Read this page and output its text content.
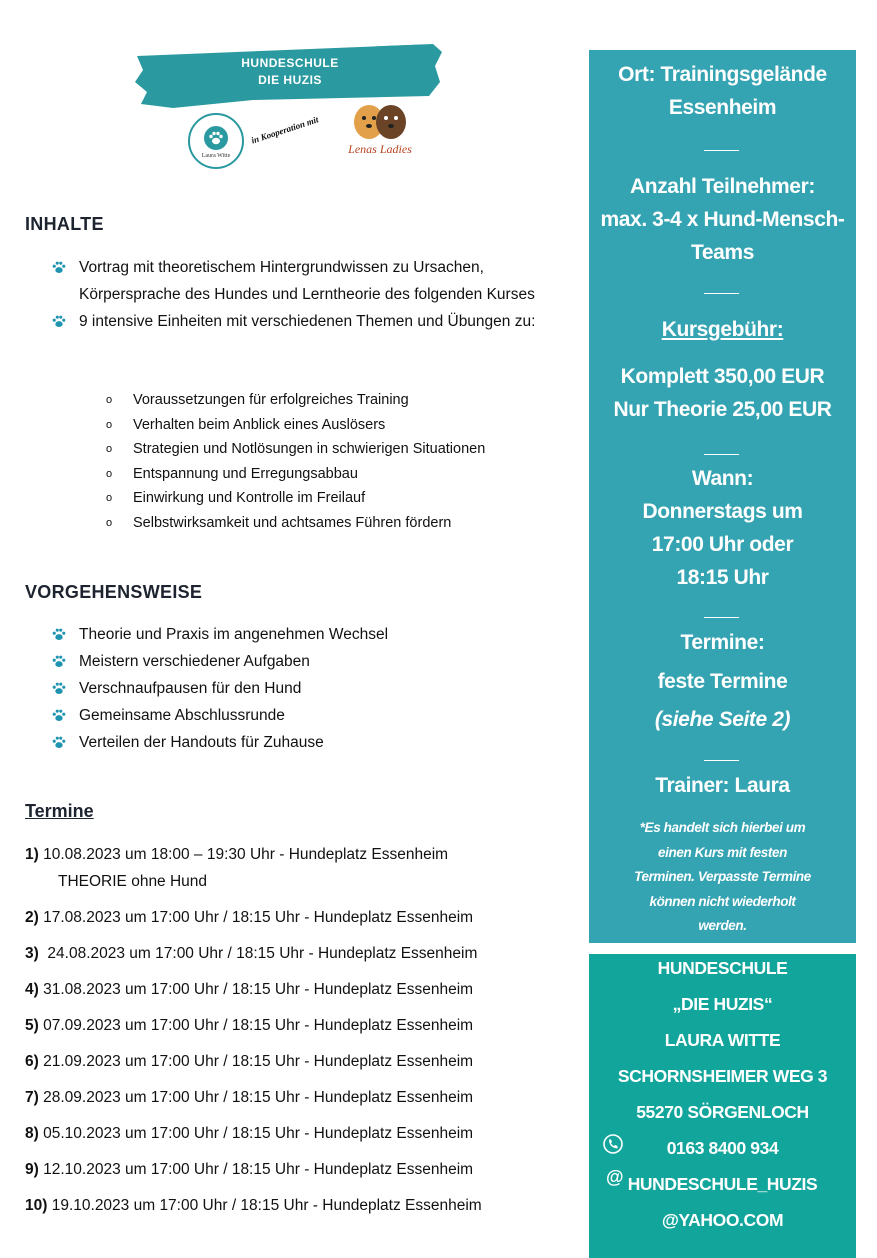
HUNDESCHULE
DIE HUZIS
Laura Witte
in Kooperation mit
Lenas Ladies
INHALTE
Vortrag mit theoretischem Hintergrundwissen zu Ursachen, Körpersprache des Hundes und Lerntheorie des folgenden Kurses
9 intensive Einheiten mit verschiedenen Themen und Übungen zu:
o Voraussetzungen für erfolgreiches Training
o Verhalten beim Anblick eines Auslösers
o Strategien und Notlösungen in schwierigen Situationen
o Entspannung und Erregungsabbau
o Einwirkung und Kontrolle im Freilauf
o Selbstwirksamkeit und achtsames Führen fördern
VORGEHENSWEISE
Theorie und Praxis im angenehmen Wechsel
Meistern verschiedener Aufgaben
Verschnaufpausen für den Hund
Gemeinsame Abschlussrunde
Verteilen der Handouts für Zuhause
Termine
1) 10.08.2023 um 18:00 – 19:30 Uhr - Hundeplatz Essenheim
THEORIE ohne Hund
2) 17.08.2023 um 17:00 Uhr / 18:15 Uhr - Hundeplatz Essenheim
3) 24.08.2023 um 17:00 Uhr / 18:15 Uhr - Hundeplatz Essenheim
4) 31.08.2023 um 17:00 Uhr / 18:15 Uhr - Hundeplatz Essenheim
5) 07.09.2023 um 17:00 Uhr / 18:15 Uhr - Hundeplatz Essenheim
6) 21.09.2023 um 17:00 Uhr / 18:15 Uhr - Hundeplatz Essenheim
7) 28.09.2023 um 17:00 Uhr / 18:15 Uhr - Hundeplatz Essenheim
8) 05.10.2023 um 17:00 Uhr / 18:15 Uhr - Hundeplatz Essenheim
9) 12.10.2023 um 17:00 Uhr / 18:15 Uhr - Hundeplatz Essenheim
10) 19.10.2023 um 17:00 Uhr / 18:15 Uhr - Hundeplatz Essenheim
Ort: Trainingsgelände
Essenheim
Anzahl Teilnehmer:
max. 3-4 x Hund-Mensch-
Teams
Kursgebühr:
Komplett 350,00 EUR
Nur Theorie 25,00 EUR
Wann:
Donnerstags um
17:00 Uhr oder
18:15 Uhr
Termine:
feste Termine
(siehe Seite 2)
Trainer: Laura
*Es handelt sich hierbei um
einen Kurs mit festen
Terminen. Verpasste Termine
können nicht wiederholt
werden.
HUNDESCHULE
„DIE HUZIS“
LAURA WITTE
SCHORNSHEIMER WEG 3
55270 SÖRGENLOCH
0163 8400 934
HUNDESCHULE_HUZIS
@YAHOO.COM
@
